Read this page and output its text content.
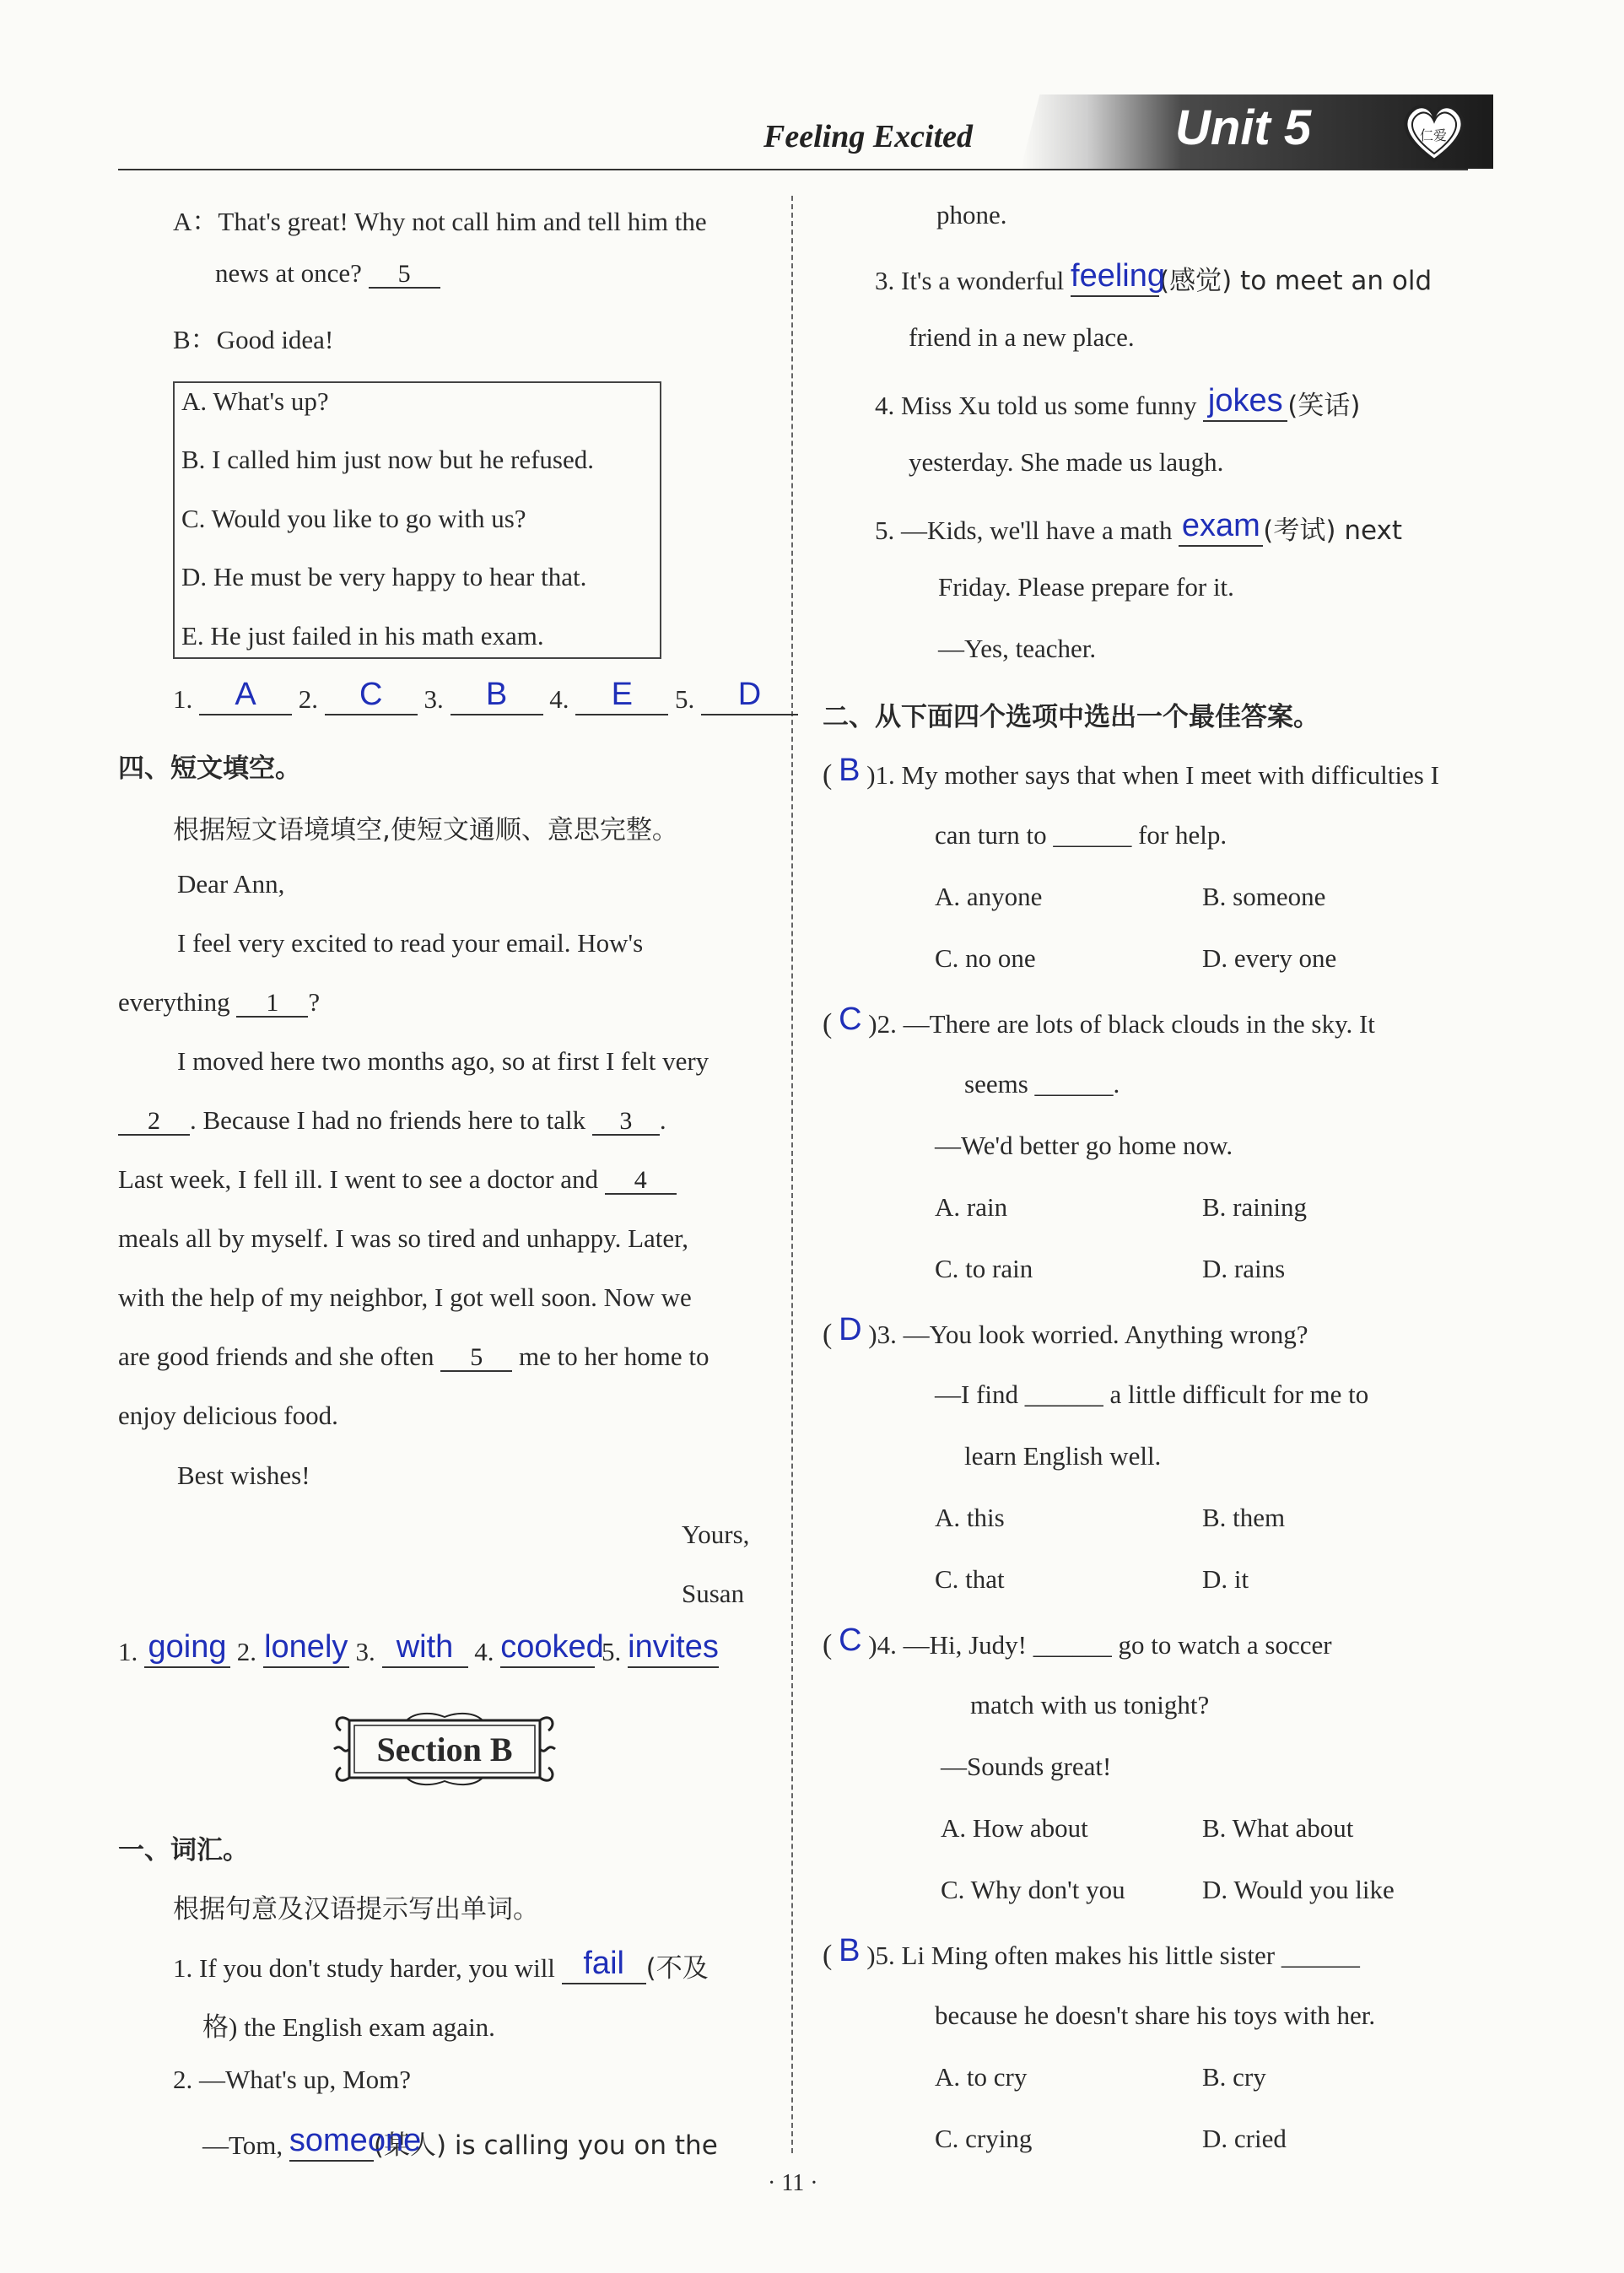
Feeling Excited	Unit 5	仁爱
A：That's great! Why not call him and tell him the
news at once? 5
B：Good idea!
A. What's up?
B. I called him just now but he refused.
C. Would you like to go with us?
D. He must be very happy to hear that.
E. He just failed in his math exam.
1. A 2. C 3. B 4. E 5. D
四、短文填空。
根据短文语境填空,使短文通顺、意思完整。
Dear Ann,
I feel very excited to read your email. How's
everything 1 ?
I moved here two months ago, so at first I felt very
2 . Because I had no friends here to talk 3 .
Last week, I fell ill. I went to see a doctor and 4
meals all by myself. I was so tired and unhappy. Later,
with the help of my neighbor, I got well soon. Now we
are good friends and she often 5 me to her home to
enjoy delicious food.
Best wishes!
Yours,
Susan
1. going 2. lonely 3. with 4. cooked 5. invites
Section B
一、词汇。
根据句意及汉语提示写出单词。
1. If you don't study harder, you will fail (不及
格) the English exam again.
2. —What's up, Mom?
—Tom, someone(某人) is calling you on the
phone.
3. It's a wonderful feeling(感觉) to meet an old
friend in a new place.
4. Miss Xu told us some funny jokes (笑话)
yesterday. She made us laugh.
5. —Kids, we'll have a math exam (考试) next
Friday. Please prepare for it.
—Yes, teacher.
二、从下面四个选项中选出一个最佳答案。
( B )1. My mother says that when I meet with difficulties I
can turn to ______ for help.
A. anyone	B. someone
C. no one	D. every one
( C )2. —There are lots of black clouds in the sky. It
seems ______.
—We'd better go home now.
A. rain	B. raining
C. to rain	D. rains
( D )3. —You look worried. Anything wrong?
—I find ______ a little difficult for me to
learn English well.
A. this	B. them
C. that	D. it
( C )4. —Hi, Judy! ______ go to watch a soccer
match with us tonight?
—Sounds great!
A. How about	B. What about
C. Why don't you	D. Would you like
( B )5. Li Ming often makes his little sister ______
because he doesn't share his toys with her.
A. to cry	B. cry
C. crying	D. cried
· 11 ·
